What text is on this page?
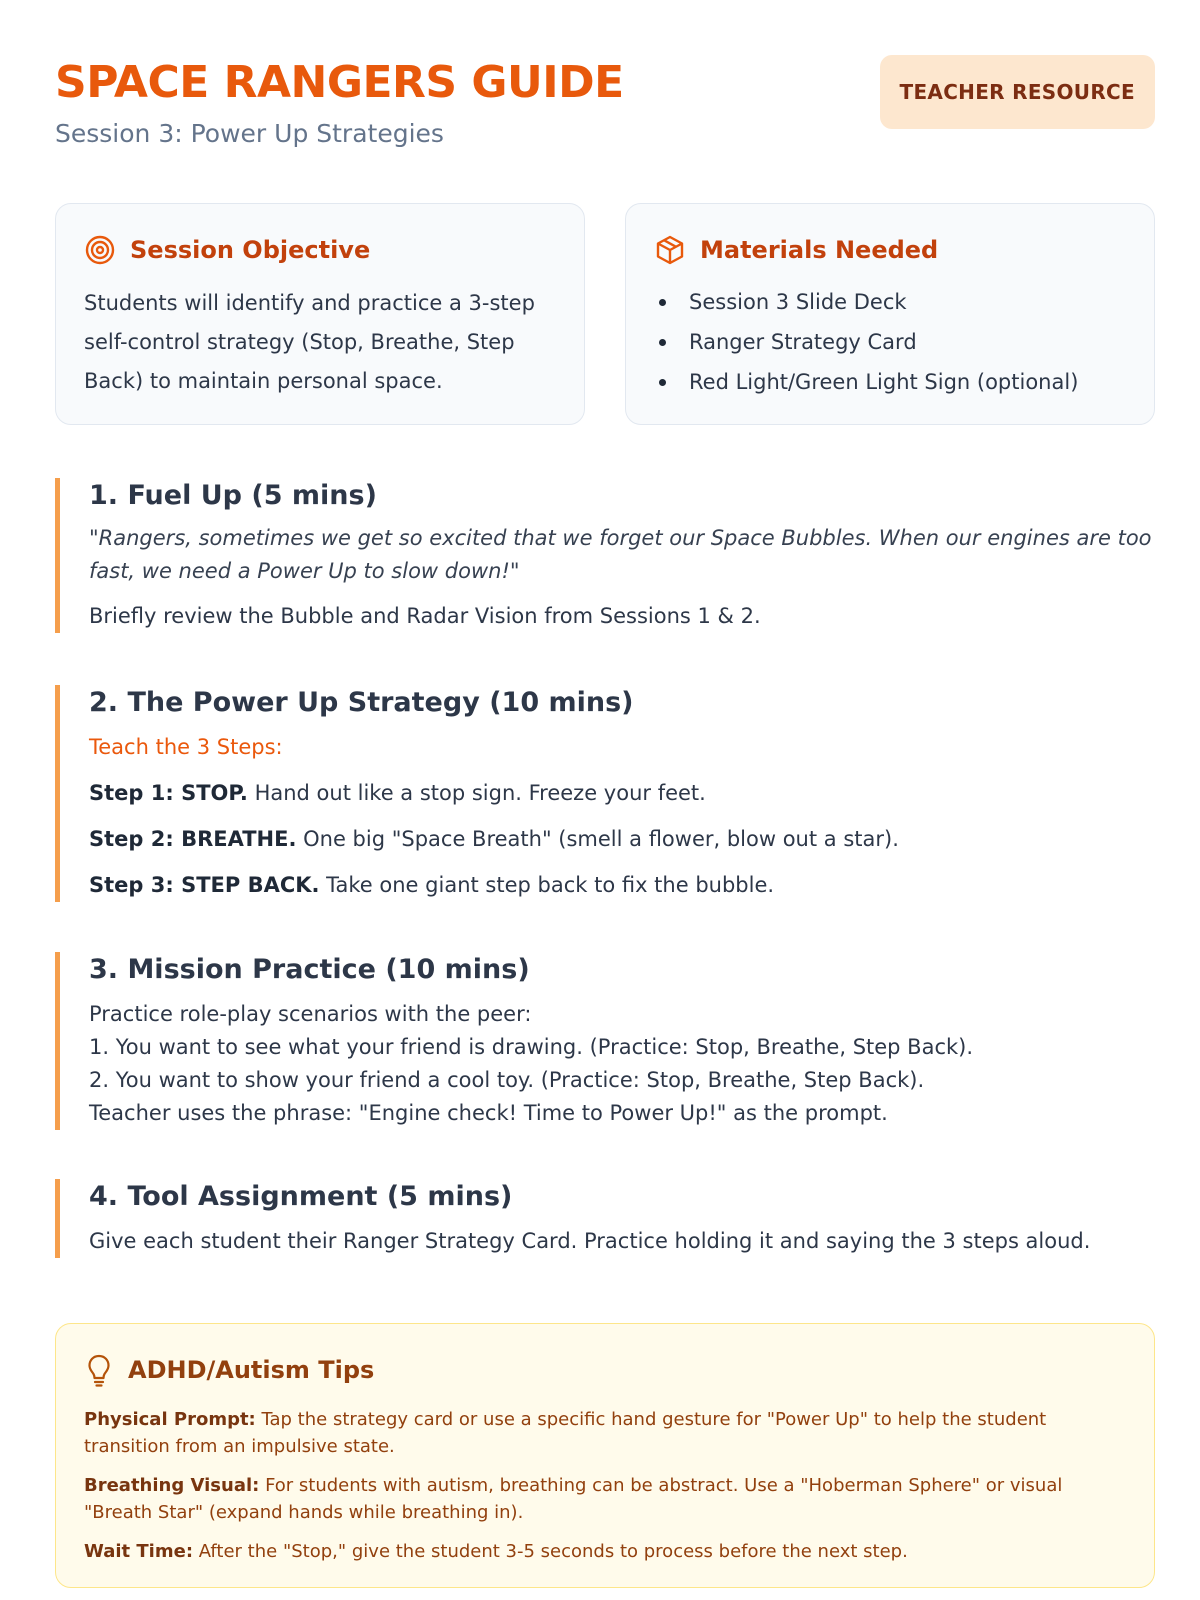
SPACE RANGERS GUIDE
Session 3: Power Up Strategies
TEACHER RESOURCE
Session Objective
Students will identify and practice a 3-step self-control strategy (Stop, Breathe, Step Back) to maintain personal space.
Materials Needed
Session 3 Slide Deck
Ranger Strategy Card
Red Light/Green Light Sign (optional)
1. Fuel Up (5 mins)
"Rangers, sometimes we get so excited that we forget our Space Bubbles. When our engines are too fast, we need a Power Up to slow down!"
Briefly review the Bubble and Radar Vision from Sessions 1 & 2.
2. The Power Up Strategy (10 mins)
Teach the 3 Steps:
Step 1: STOP. Hand out like a stop sign. Freeze your feet.
Step 2: BREATHE. One big "Space Breath" (smell a flower, blow out a star).
Step 3: STEP BACK. Take one giant step back to fix the bubble.
3. Mission Practice (10 mins)
Practice role-play scenarios with the peer:
1. You want to see what your friend is drawing. (Practice: Stop, Breathe, Step Back).
2. You want to show your friend a cool toy. (Practice: Stop, Breathe, Step Back).
Teacher uses the phrase: "Engine check! Time to Power Up!" as the prompt.
4. Tool Assignment (5 mins)
Give each student their Ranger Strategy Card. Practice holding it and saying the 3 steps aloud.
ADHD/Autism Tips
Physical Prompt: Tap the strategy card or use a specific hand gesture for "Power Up" to help the student transition from an impulsive state.
Breathing Visual: For students with autism, breathing can be abstract. Use a "Hoberman Sphere" or visual "Breath Star" (expand hands while breathing in).
Wait Time: After the "Stop," give the student 3-5 seconds to process before the next step.
